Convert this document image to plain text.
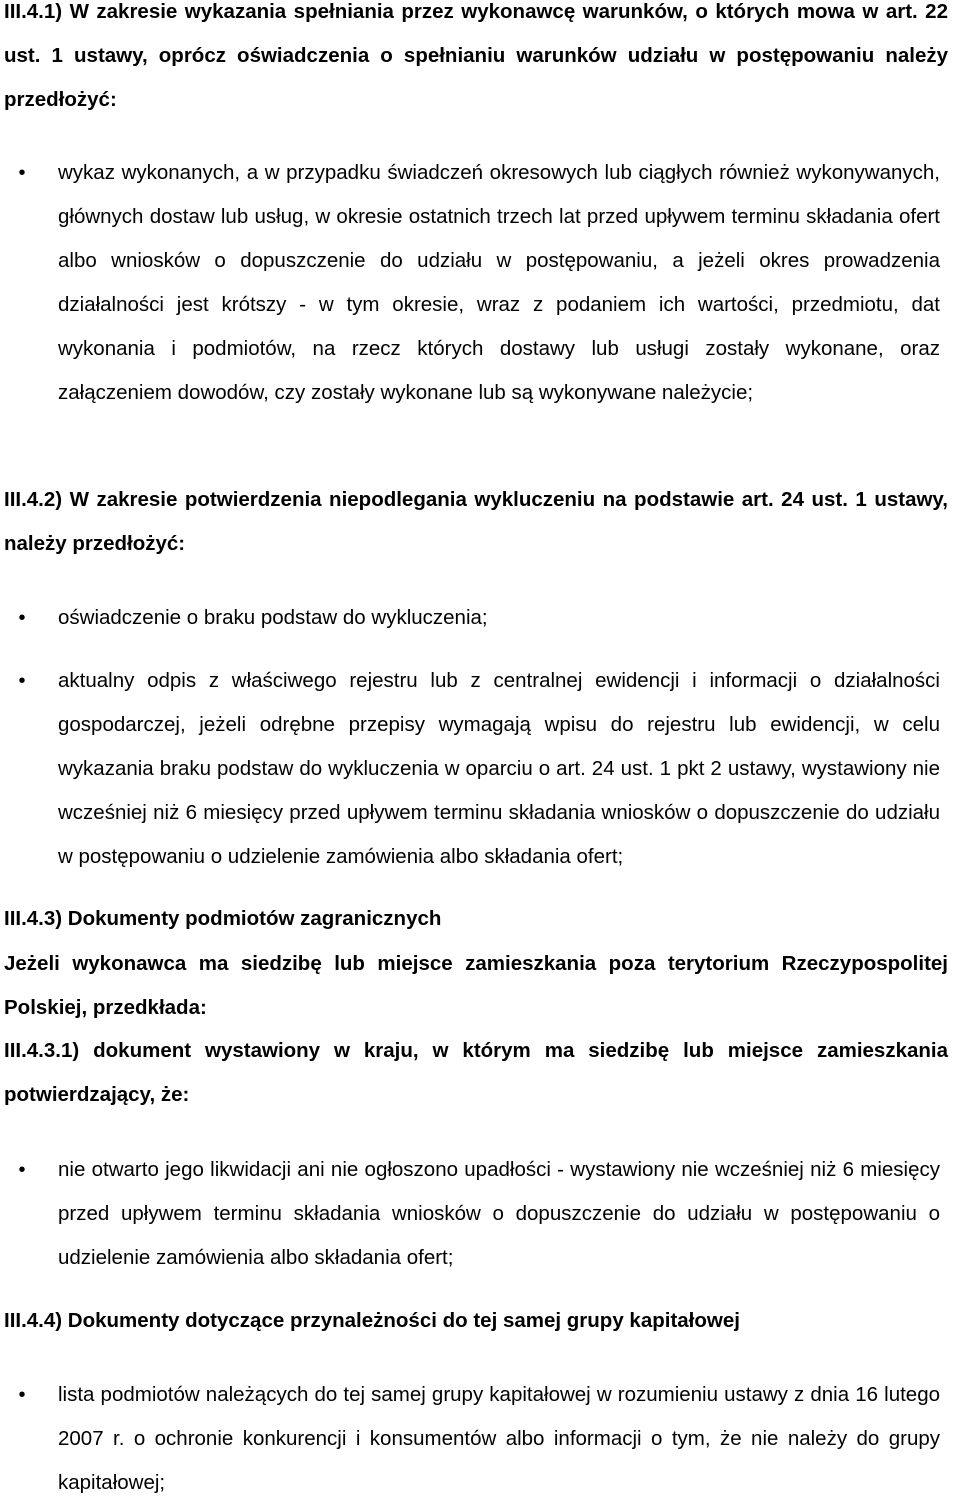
III.4.1) W zakresie wykazania spełniania przez wykonawcę warunków, o których mowa w art. 22 ust. 1 ustawy, oprócz oświadczenia o spełnianiu warunków udziału w postępowaniu należy przedłożyć:

•	wykaz wykonanych, a w przypadku świadczeń okresowych lub ciągłych również wykonywanych, głównych dostaw lub usług, w okresie ostatnich trzech lat przed upływem terminu składania ofert albo wniosków o dopuszczenie do udziału w postępowaniu, a jeżeli okres prowadzenia działalności jest krótszy - w tym okresie, wraz z podaniem ich wartości, przedmiotu, dat wykonania i podmiotów, na rzecz których dostawy lub usługi zostały wykonane, oraz załączeniem dowodów, czy zostały wykonane lub są wykonywane należycie;

III.4.2) W zakresie potwierdzenia niepodlegania wykluczeniu na podstawie art. 24 ust. 1 ustawy, należy przedłożyć:

•	oświadczenie o braku podstaw do wykluczenia;

•	aktualny odpis z właściwego rejestru lub z centralnej ewidencji i informacji o działalności gospodarczej, jeżeli odrębne przepisy wymagają wpisu do rejestru lub ewidencji, w celu wykazania braku podstaw do wykluczenia w oparciu o art. 24 ust. 1 pkt 2 ustawy, wystawiony nie wcześniej niż 6 miesięcy przed upływem terminu składania wniosków o dopuszczenie do udziału w postępowaniu o udzielenie zamówienia albo składania ofert;

III.4.3) Dokumenty podmiotów zagranicznych

Jeżeli wykonawca ma siedzibę lub miejsce zamieszkania poza terytorium Rzeczypospolitej Polskiej, przedkłada:

III.4.3.1) dokument wystawiony w kraju, w którym ma siedzibę lub miejsce zamieszkania potwierdzający, że:

•	nie otwarto jego likwidacji ani nie ogłoszono upadłości - wystawiony nie wcześniej niż 6 miesięcy przed upływem terminu składania wniosków o dopuszczenie do udziału w postępowaniu o udzielenie zamówienia albo składania ofert;

III.4.4) Dokumenty dotyczące przynależności do tej samej grupy kapitałowej

•	lista podmiotów należących do tej samej grupy kapitałowej w rozumieniu ustawy z dnia 16 lutego 2007 r. o ochronie konkurencji i konsumentów albo informacji o tym, że nie należy do grupy kapitałowej;
